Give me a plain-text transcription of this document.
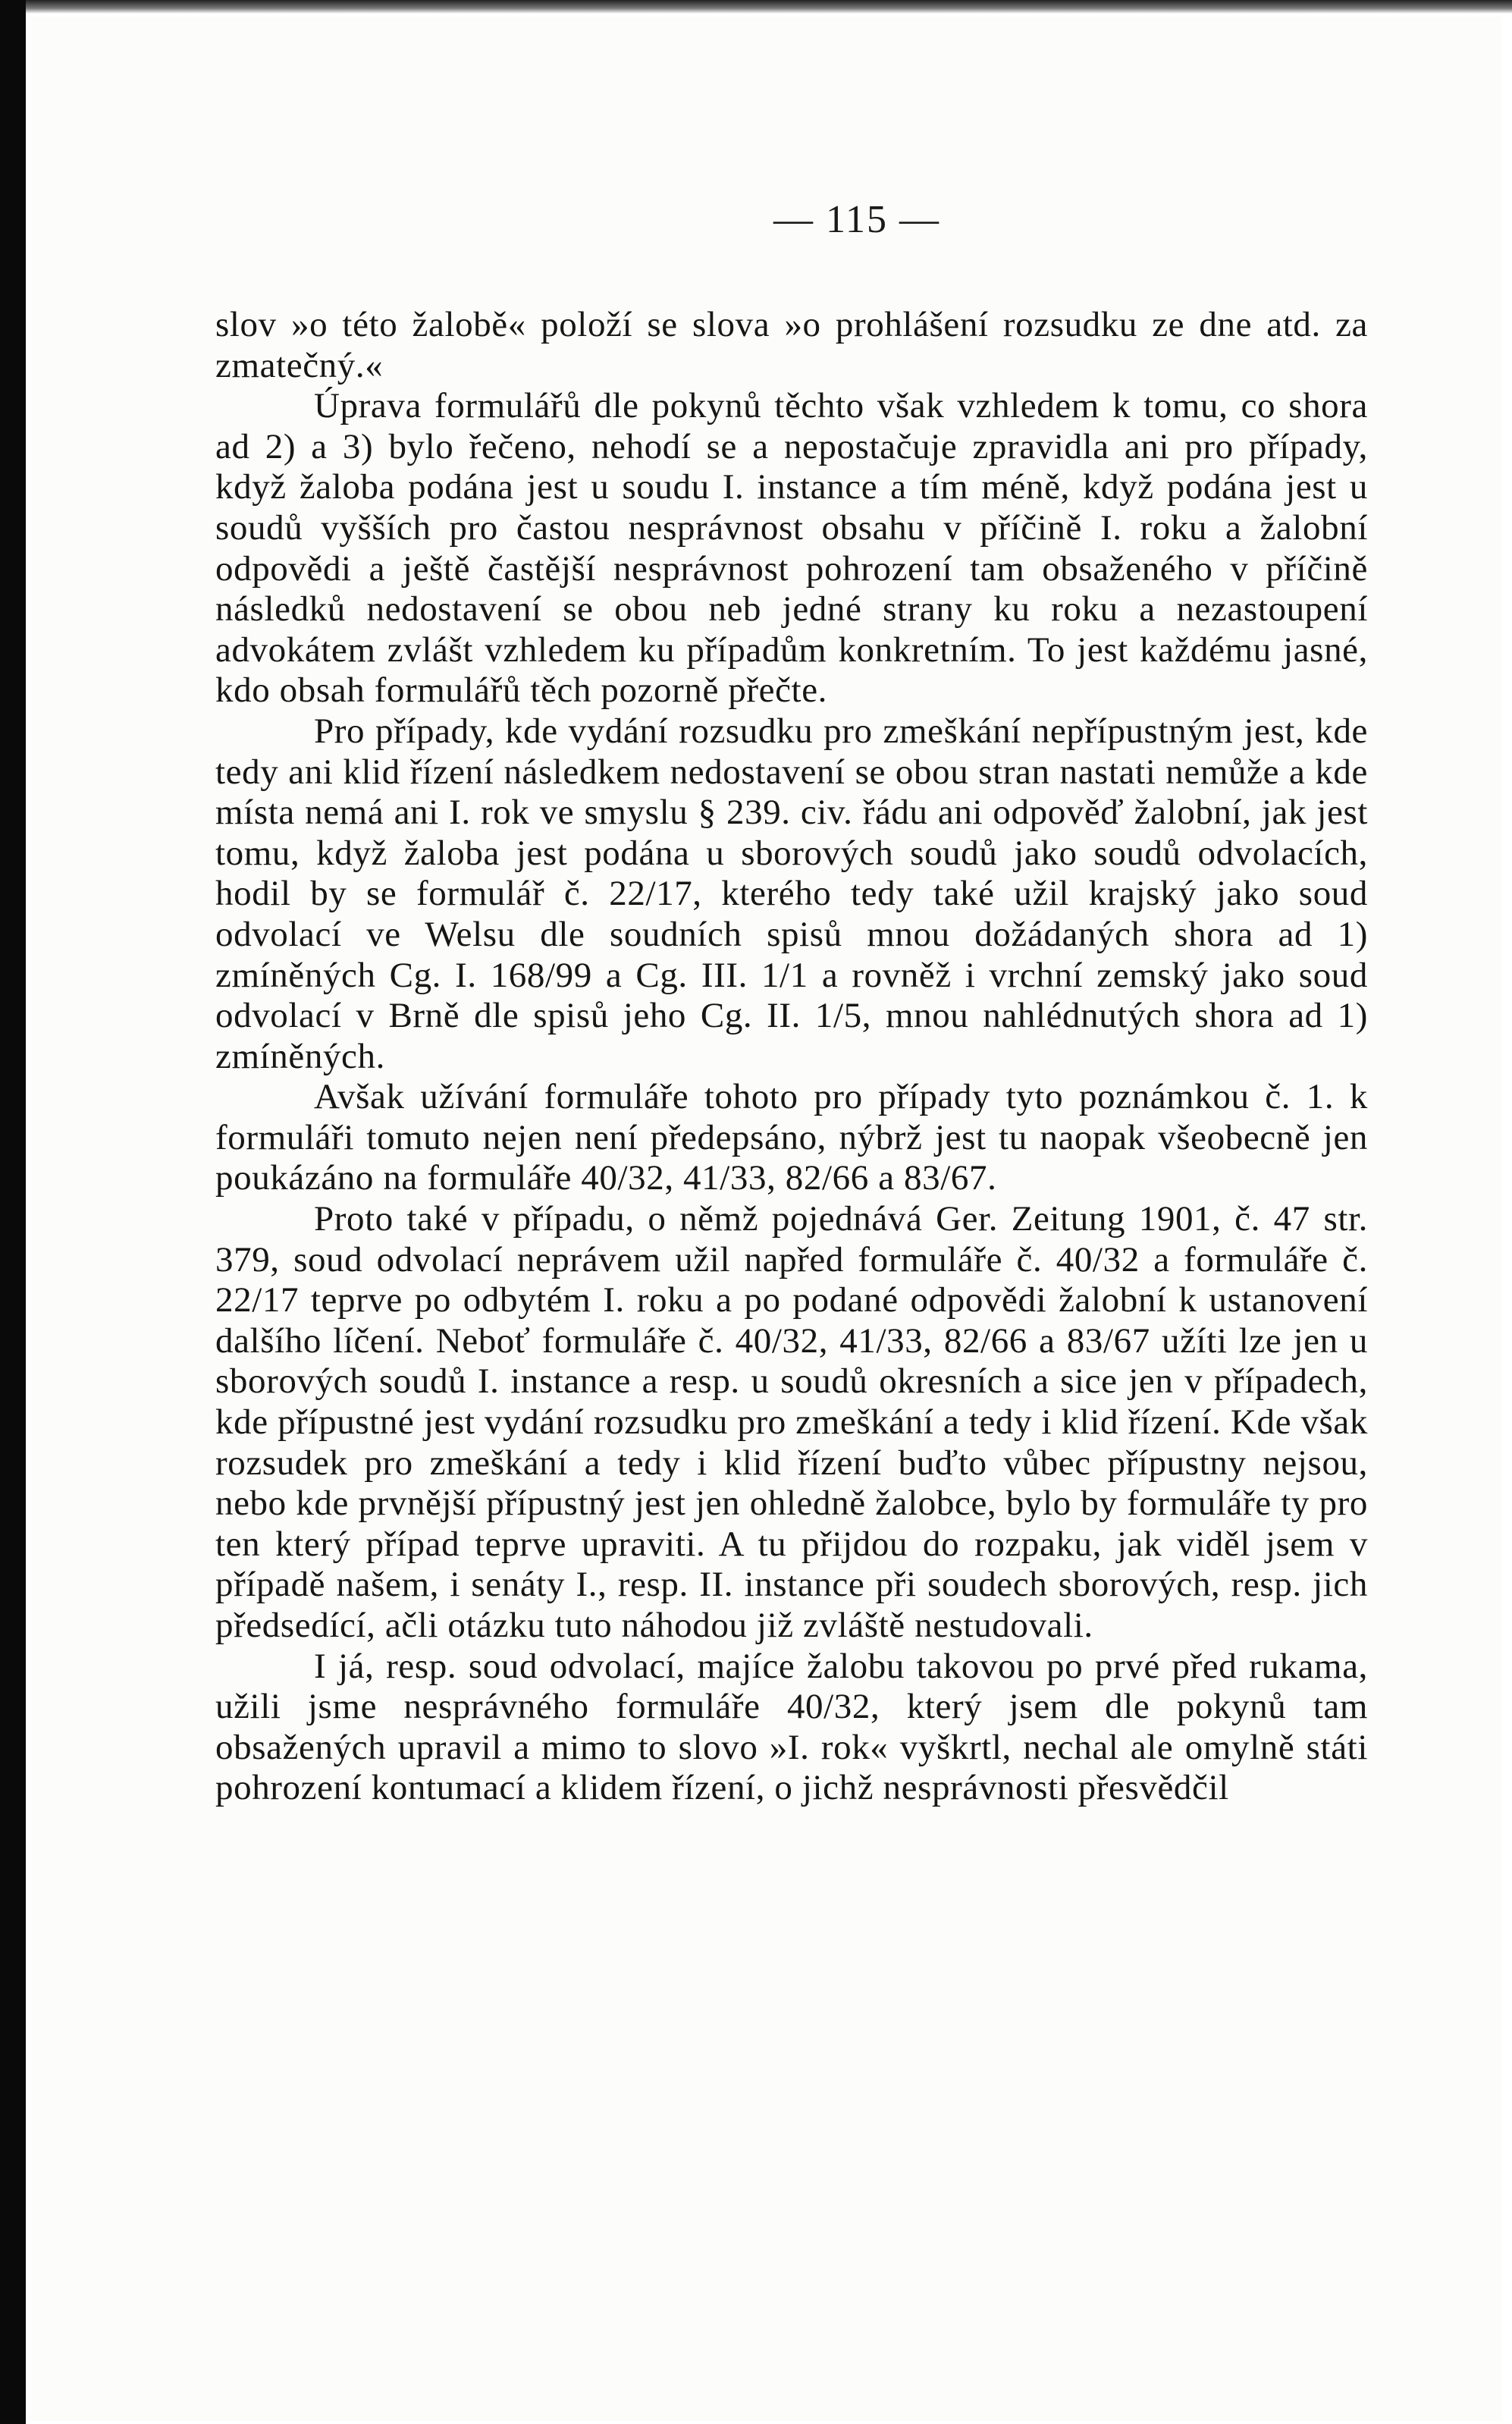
— 115 —

slov »o této žalobě« položí se slova »o prohlášení rozsudku ze dne atd. za zmatečný.«

Úprava formulářů dle pokynů těchto však vzhledem k tomu, co shora ad 2) a 3) bylo řečeno, nehodí se a nepostačuje zpravidla ani pro případy, když žaloba podána jest u soudu I. instance a tím méně, když podána jest u soudů vyšších pro častou nesprávnost obsahu v příčině I. roku a žalobní odpovědi a ještě častější nesprávnost pohrození tam obsaženého v příčině následků nedostavení se obou neb jedné strany ku roku a nezastoupení advokátem zvlášt vzhledem ku případům konkretním. To jest každému jasné, kdo obsah formulářů těch pozorně přečte.

Pro případy, kde vydání rozsudku pro zmeškání nepřípustným jest, kde tedy ani klid řízení následkem nedostavení se obou stran nastati nemůže a kde místa nemá ani I. rok ve smyslu § 239. civ. řádu ani odpověď žalobní, jak jest tomu, když žaloba jest podána u sborových soudů jako soudů odvolacích, hodil by se formulář č. 22/17, kterého tedy také užil krajský jako soud odvolací ve Welsu dle soudních spisů mnou dožádaných shora ad 1) zmíněných Cg. I. 168/99 a Cg. III. 1/1 a rovněž i vrchní zemský jako soud odvolací v Brně dle spisů jeho Cg. II. 1/5, mnou nahlédnutých shora ad 1) zmíněných.

Avšak užívání formuláře tohoto pro případy tyto poznámkou č. 1. k formuláři tomuto nejen není předepsáno, nýbrž jest tu naopak všeobecně jen poukázáno na formuláře 40/32, 41/33, 82/66 a 83/67.

Proto také v případu, o němž pojednává Ger. Zeitung 1901, č. 47 str. 379, soud odvolací neprávem užil napřed formuláře č. 40/32 a formuláře č. 22/17 teprve po odbytém I. roku a po podané odpovědi žalobní k ustanovení dalšího líčení. Neboť formuláře č. 40/32, 41/33, 82/66 a 83/67 užíti lze jen u sborových soudů I. instance a resp. u soudů okresních a sice jen v případech, kde přípustné jest vydání rozsudku pro zmeškání a tedy i klid řízení. Kde však rozsudek pro zmeškání a tedy i klid řízení buďto vůbec přípustny nejsou, nebo kde prvnější přípustný jest jen ohledně žalobce, bylo by formuláře ty pro ten který případ teprve upraviti. A tu přijdou do rozpaku, jak viděl jsem v případě našem, i senáty I., resp. II. instance při soudech sborových, resp. jich předsedící, ačli otázku tuto náhodou již zvláště nestudovali.

I já, resp. soud odvolací, majíce žalobu takovou po prvé před rukama, užili jsme nesprávného formuláře 40/32, který jsem dle pokynů tam obsažených upravil a mimo to slovo »I. rok« vyškrtl, nechal ale omylně státi pohrození kontumací a klidem řízení, o jichž nesprávnosti přesvědčil
